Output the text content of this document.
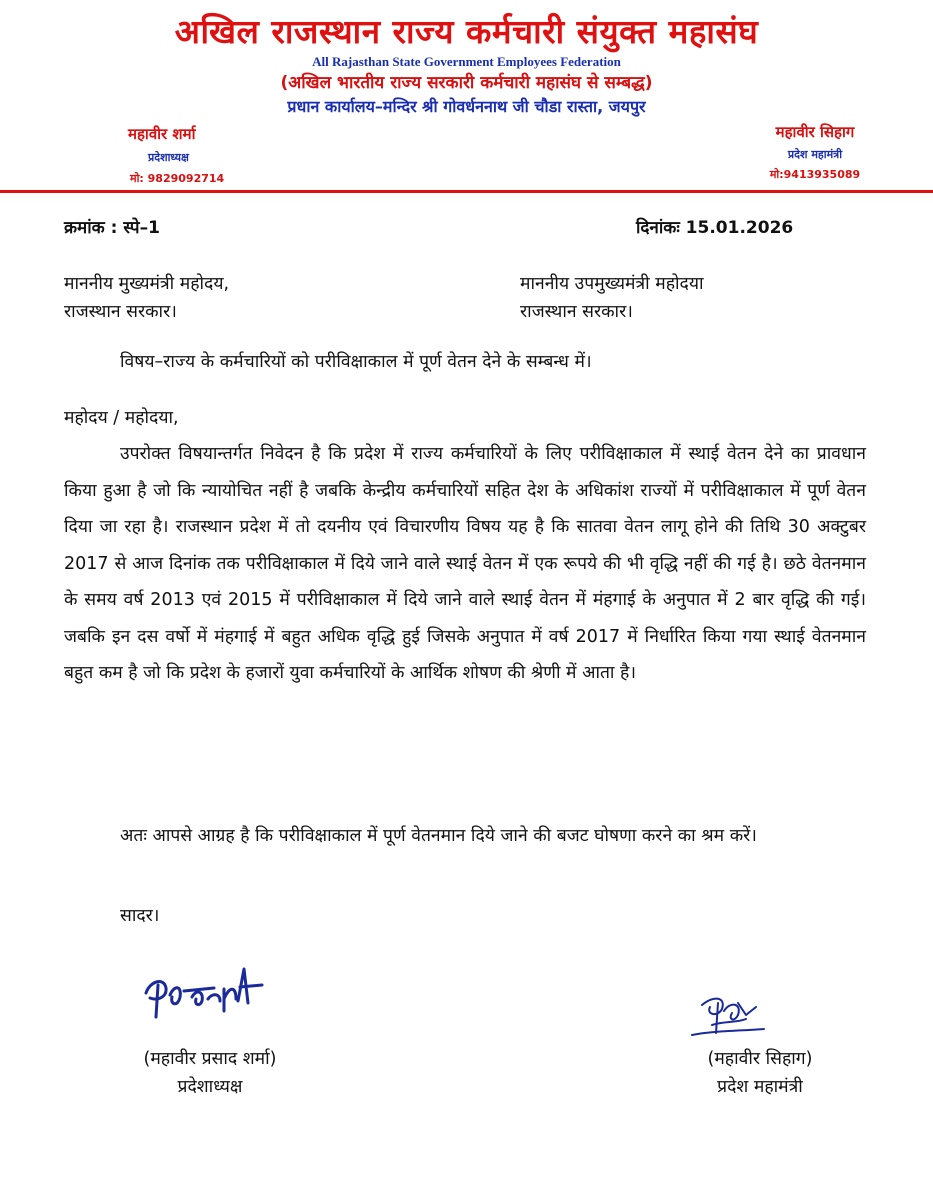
अखिल राजस्थान राज्य कर्मचारी संयुक्त महासंघ
All Rajasthan State Government Employees Federation
(अखिल भारतीय राज्य सरकारी कर्मचारी महासंघ से सम्बद्ध)
प्रधान कार्यालय–मन्दिर श्री गोवर्धननाथ जी चौडा रास्ता, जयपुर
महावीर शर्मा
प्रदेशाध्यक्ष
मो: 9829092714
महावीर सिहाग
प्रदेश महामंत्री
मो:9413935089
क्रमांक : स्पे–1	दिनांकः 15.01.2026
माननीय मुख्यमंत्री महोदय,
राजस्थान सरकार।
माननीय उपमुख्यमंत्री महोदया
राजस्थान सरकार।
विषय–राज्य के कर्मचारियों को परीविक्षाकाल में पूर्ण वेतन देने के सम्बन्ध में।
महोदय / महोदया,
उपरोक्त विषयान्तर्गत निवेदन है कि प्रदेश में राज्य कर्मचारियों के लिए परीविक्षाकाल में स्थाई वेतन देने का प्रावधान किया हुआ है जो कि न्यायोचित नहीं है जबकि केन्द्रीय कर्मचारियों सहित देश के अधिकांश राज्यों में परीविक्षाकाल में पूर्ण वेतन दिया जा रहा है। राजस्थान प्रदेश में तो दयनीय एवं विचारणीय विषय यह है कि सातवा वेतन लागू होने की तिथि 30 अक्टुबर 2017 से आज दिनांक तक परीविक्षाकाल में दिये जाने वाले स्थाई वेतन में एक रूपये की भी वृद्धि नहीं की गई है। छठे वेतनमान के समय वर्ष 2013 एवं 2015 में परीविक्षाकाल में दिये जाने वाले स्थाई वेतन में मंहगाई के अनुपात में 2 बार वृद्धि की गई। जबकि इन दस वर्षो में मंहगाई में बहुत अधिक वृद्धि हुई जिसके अनुपात में वर्ष 2017 में निर्धारित किया गया स्थाई वेतनमान बहुत कम है जो कि प्रदेश के हजारों युवा कर्मचारियों के आर्थिक शोषण की श्रेणी में आता है।
अतः आपसे आग्रह है कि परीविक्षाकाल में पूर्ण वेतनमान दिये जाने की बजट घोषणा करने का श्रम करें।
सादर।
(महावीर प्रसाद शर्मा)
प्रदेशाध्यक्ष
(महावीर सिहाग)
प्रदेश महामंत्री
